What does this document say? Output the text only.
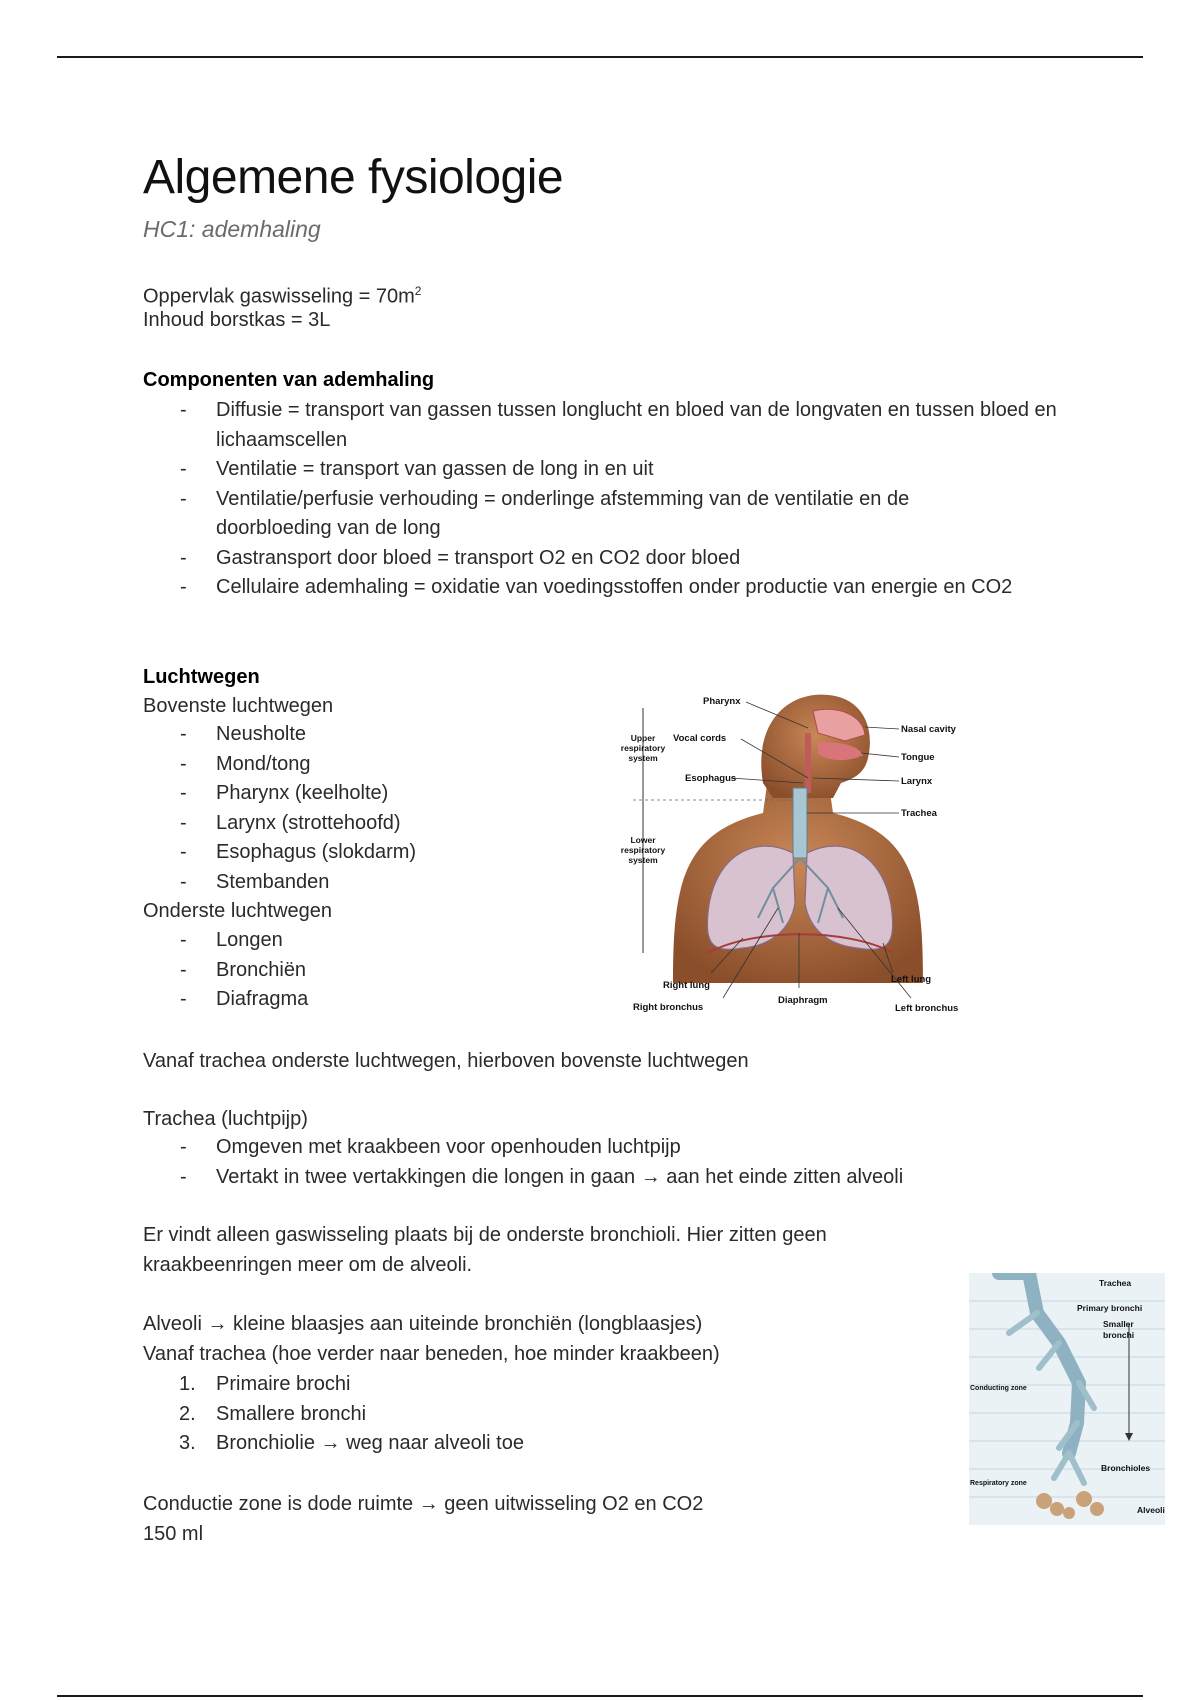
Algemene fysiologie
HC1: ademhaling
Oppervlak gaswisseling = $70m^2$
Inhoud borstkas = 3L
Componenten van ademhaling
- Diffusie = transport van gassen tussen longlucht en bloed van de longvaten en tussen bloed en lichaamscellen
- Ventilatie = transport van gassen de long in en uit
- Ventilatie/perfusie verhouding = onderlinge afstemming van de ventilatie en de doorbloeding van de long
- Gastransport door bloed = transport O2 en CO2 door bloed
- Cellulaire ademhaling = oxidatie van voedingsstoffen onder productie van energie en CO2
Luchtwegen
Bovenste luchtwegen
- Neusholte
- Mond/tong
- Pharynx (keelholte)
- Larynx (strottehoofd)
- Esophagus (slokdarm)
- Stembanden
Onderste luchtwegen
- Longen
- Bronchiën
- Diafragma
Vanaf trachea onderste luchtwegen, hierboven bovenste luchtwegen
Trachea (luchtpijp)
- Omgeven met kraakbeen voor openhouden luchtpijp
- Vertakt in twee vertakkingen die longen in gaan → aan het einde zitten alveoli
Er vindt alleen gaswisseling plaats bij de onderste bronchioli. Hier zitten geen
kraakbeenringen meer om de alveoli.
Alveoli → kleine blaasjes aan uiteinde bronchiën (longblaasjes)
Vanaf trachea (hoe verder naar beneden, hoe minder kraakbeen)
1. Primaire brochi
2. Smallere bronchi
3. Bronchiolie → weg naar alveoli toe
Conductie zone is dode ruimte → geen uitwisseling O2 en CO2
150 ml
Pharynx
Vocal cords
Esophagus
Nasal cavity
Tongue
Larynx
Trachea
Right lung
Right bronchus
Diaphragm
Left lung
Left bronchus
Upper
respiratory
system
Lower
respiratory
system
Trachea
Primary bronchi
Smaller
bronchi
Bronchioles
Alveoli
Conducting zone
Respiratory zone
